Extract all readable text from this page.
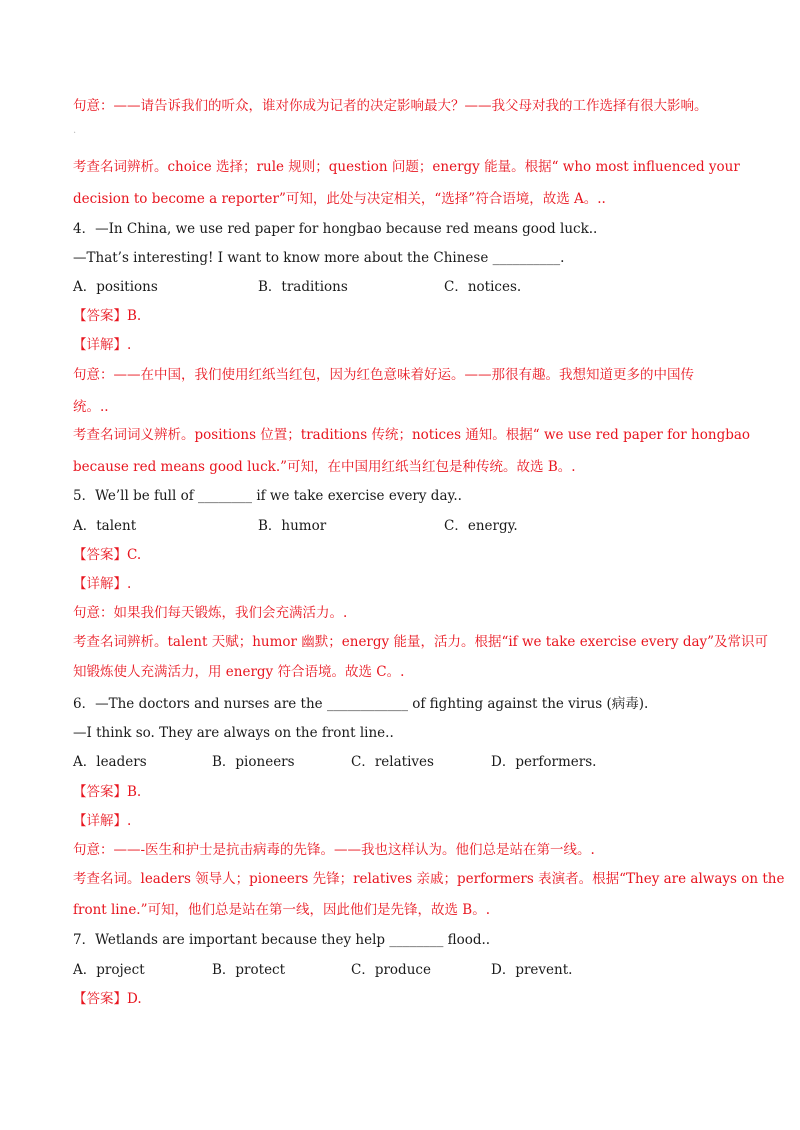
句意：——请告诉我们的听众，谁对你成为记者的决定影响最大？——我父母对我的工作选择有很大影响。
.
考查名词辨析。choice 选择；rule 规则；question 问题；energy 能量。根据“ who most influenced your
decision to become a reporter”可知，此处与决定相关，“选择”符合语境，故选 A。..
4．—In China, we use red paper for hongbao because red means good luck..
—That’s interesting! I want to know more about the Chinese __________.
A．positions	B．traditions	C．notices.
【答案】B.
【详解】.
句意：——在中国，我们使用红纸当红包，因为红色意味着好运。——那很有趣。我想知道更多的中国传
统。..
考查名词词义辨析。positions 位置；traditions 传统；notices 通知。根据“ we use red paper for hongbao
because red means good luck.”可知，在中国用红纸当红包是种传统。故选 B。.
5．We’ll be full of ________ if we take exercise every day..
A．talent	B．humor	C．energy.
【答案】C.
【详解】.
句意：如果我们每天锻炼，我们会充满活力。.
考查名词辨析。talent 天赋；humor 幽默；energy 能量，活力。根据“if we take exercise every day”及常识可
知锻炼使人充满活力，用 energy 符合语境。故选 C。.
6．—The doctors and nurses are the ____________ of fighting against the virus (病毒).
—I think so. They are always on the front line..
A．leaders	B．pioneers	C．relatives	D．performers.
【答案】B.
【详解】.
句意：——-医生和护士是抗击病毒的先锋。——我也这样认为。他们总是站在第一线。.
考查名词。leaders 领导人；pioneers 先锋；relatives 亲戚；performers 表演者。根据“They are always on the
front line.”可知，他们总是站在第一线，因此他们是先锋，故选 B。.
7．Wetlands are important because they help ________ flood..
A．project	B．protect	C．produce	D．prevent.
【答案】D.
